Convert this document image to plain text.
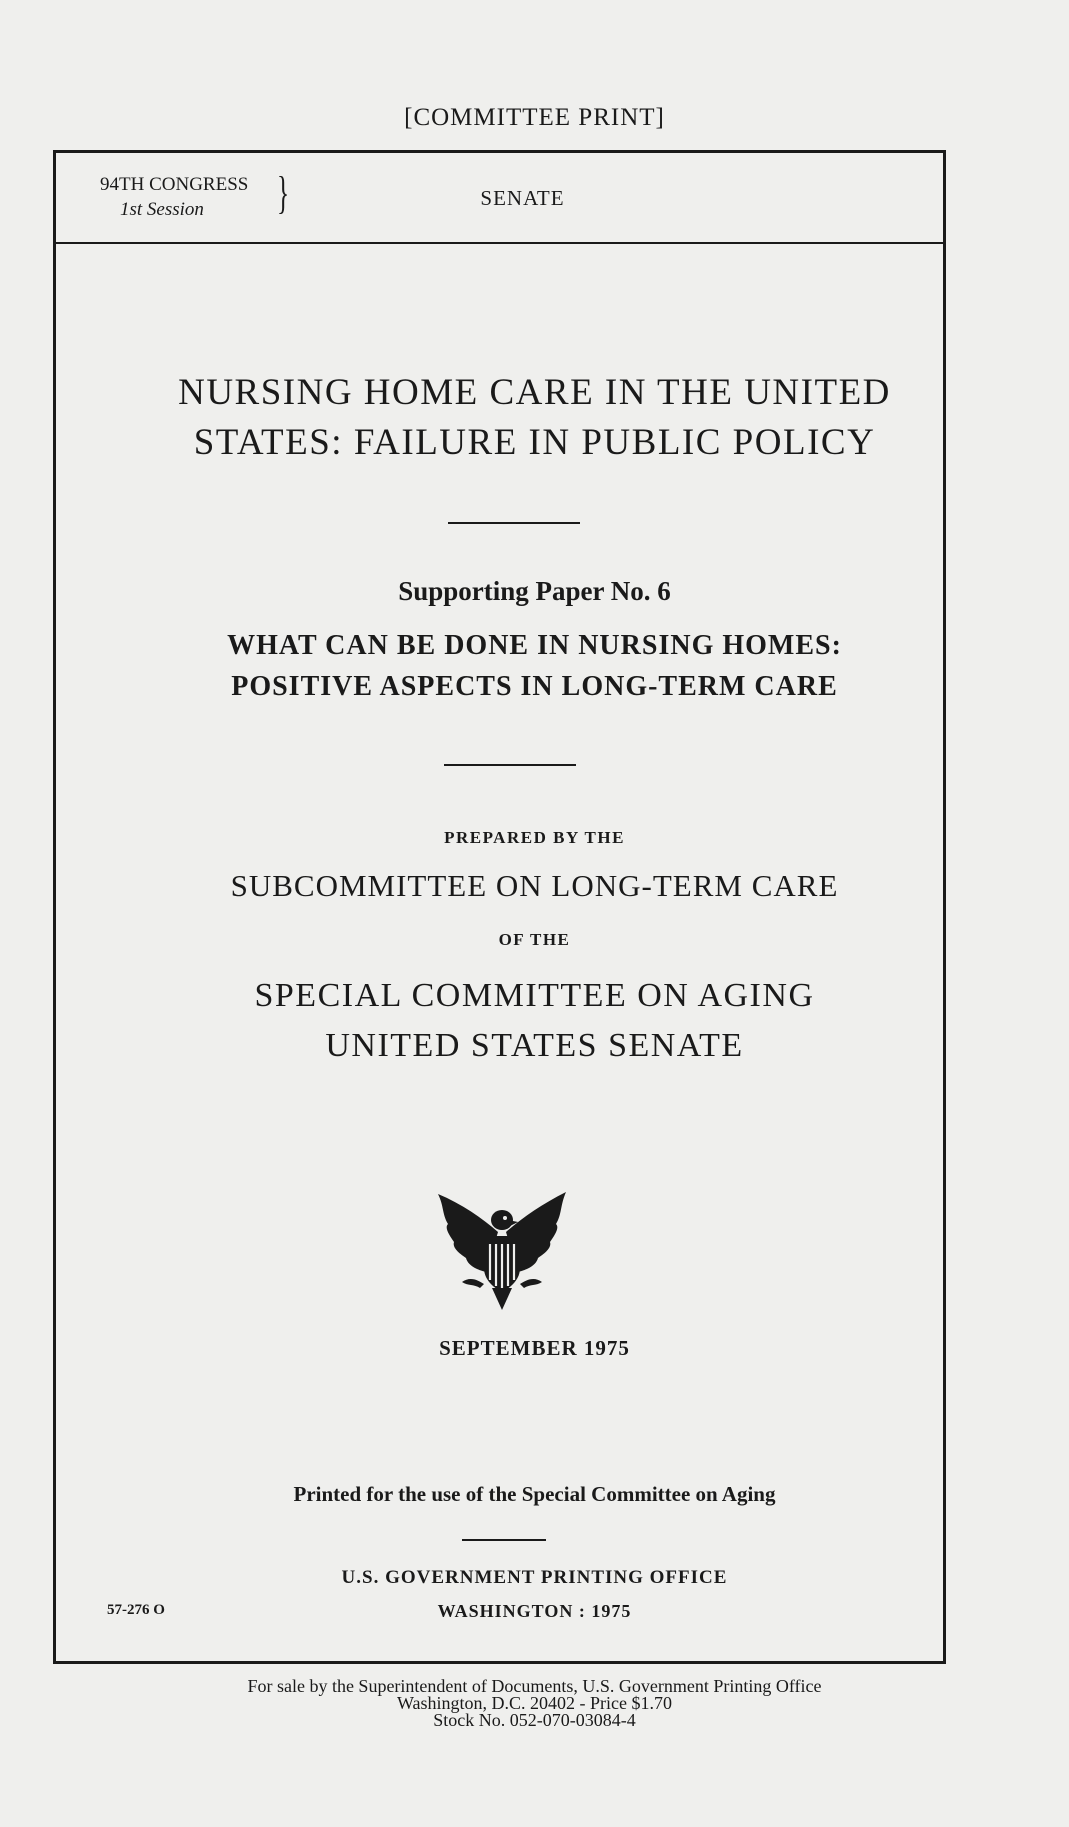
[COMMITTEE PRINT]
94TH CONGRESS
1st Session	}	SENATE
NURSING HOME CARE IN THE UNITED
STATES: FAILURE IN PUBLIC POLICY
Supporting Paper No. 6
WHAT CAN BE DONE IN NURSING HOMES:
POSITIVE ASPECTS IN LONG-TERM CARE
PREPARED BY THE
SUBCOMMITTEE ON LONG-TERM CARE
OF THE
SPECIAL COMMITTEE ON AGING
UNITED STATES SENATE
SEPTEMBER 1975
Printed for the use of the Special Committee on Aging
U.S. GOVERNMENT PRINTING OFFICE
WASHINGTON : 1975
57-276 O
For sale by the Superintendent of Documents, U.S. Government Printing Office
Washington, D.C. 20402 - Price $1.70
Stock No. 052-070-03084-4
